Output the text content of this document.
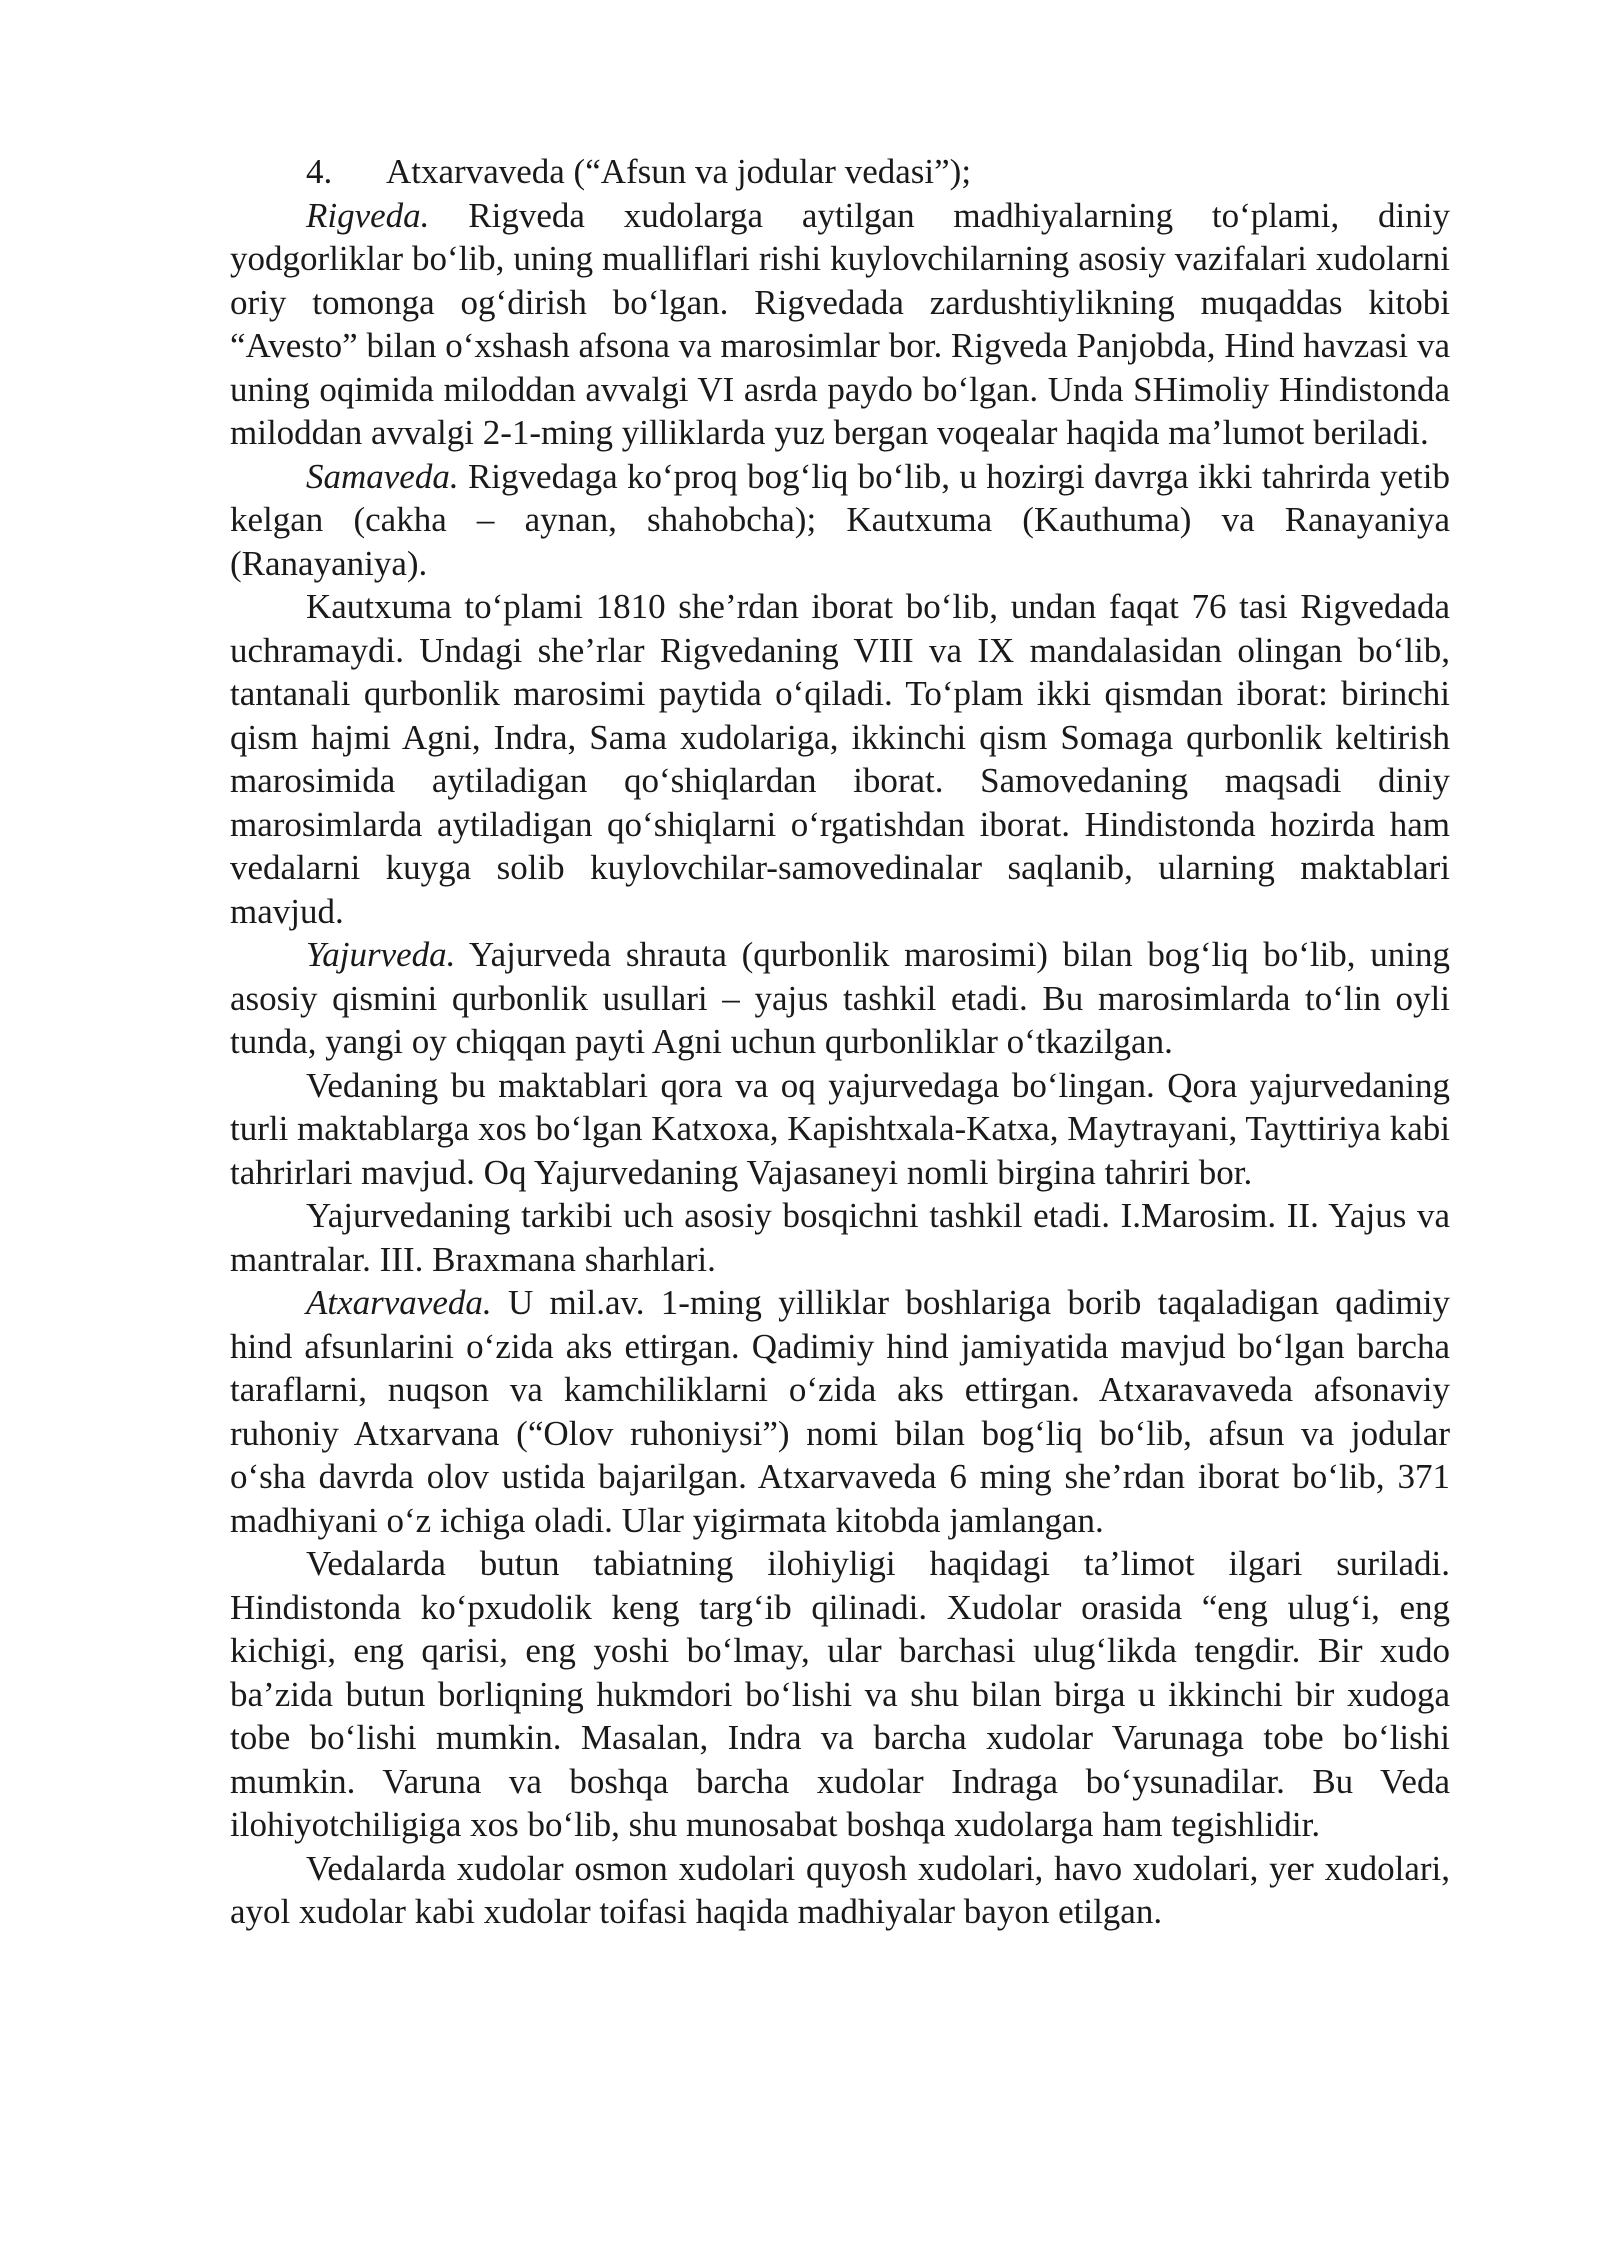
4. Atxarvaveda (“Afsun va jodular vedasi”);

Rigveda. Rigveda xudolarga aytilgan madhiyalarning to‘plami, diniy yodgorliklar bo‘lib, uning mualliflari rishi kuylovchilarning asosiy vazifalari xudolarni oriy tomonga og‘dirish bo‘lgan. Rigvedada zardushtiylikning muqaddas kitobi “Avesto” bilan o‘xshash afsona va marosimlar bor. Rigveda Panjobda, Hind havzasi va uning oqimida miloddan avvalgi VI asrda paydo bo‘lgan. Unda SHimoliy Hindistonda miloddan avvalgi 2-1-ming yilliklarda yuz bergan voqealar haqida ma’lumot beriladi.

Samaveda. Rigvedaga ko‘proq bog‘liq bo‘lib, u hozirgi davrga ikki tahrirda yetib kelgan (cakha – aynan, shahobcha); Kautxuma (Kauthuma) va Ranayaniya (Ranayaniya).

Kautxuma to‘plami 1810 she’rdan iborat bo‘lib, undan faqat 76 tasi Rigvedada uchramaydi. Undagi she’rlar Rigvedaning VIII va IX mandalasidan olingan bo‘lib, tantanali qurbonlik marosimi paytida o‘qiladi. To‘plam ikki qismdan iborat: birinchi qism hajmi Agni, Indra, Sama xudolariga, ikkinchi qism Somaga qurbonlik keltirish marosimida aytiladigan qo‘shiqlardan iborat. Samovedaning maqsadi diniy marosimlarda aytiladigan qo‘shiqlarni o‘rgatishdan iborat. Hindistonda hozirda ham vedalarni kuyga solib kuylovchilar-samovedinalar saqlanib, ularning maktablari mavjud.

Yajurveda. Yajurveda shrauta (qurbonlik marosimi) bilan bog‘liq bo‘lib, uning asosiy qismini qurbonlik usullari – yajus tashkil etadi. Bu marosimlarda to‘lin oyli tunda, yangi oy chiqqan payti Agni uchun qurbonliklar o‘tkazilgan.

Vedaning bu maktablari qora va oq yajurvedaga bo‘lingan. Qora yajurvedaning turli maktablarga xos bo‘lgan Katxoxa, Kapishtxala-Katxa, Maytrayani, Tayttiriya kabi tahrirlari mavjud. Oq Yajurvedaning Vajasaneyi nomli birgina tahriri bor.

Yajurvedaning tarkibi uch asosiy bosqichni tashkil etadi. I.Marosim. II. Yajus va mantralar. III. Braxmana sharhlari.

Atxarvaveda. U mil.av. 1-ming yilliklar boshlariga borib taqaladigan qadimiy hind afsunlarini o‘zida aks ettirgan. Qadimiy hind jamiyatida mavjud bo‘lgan barcha taraflarni, nuqson va kamchiliklarni o‘zida aks ettirgan. Atxaravaveda afsonaviy ruhoniy Atxarvana (“Olov ruhoniysi”) nomi bilan bog‘liq bo‘lib, afsun va jodular o‘sha davrda olov ustida bajarilgan. Atxarvaveda 6 ming she’rdan iborat bo‘lib, 371 madhiyani o‘z ichiga oladi. Ular yigirmata kitobda jamlangan.

Vedalarda butun tabiatning ilohiyligi haqidagi ta’limot ilgari suriladi. Hindistonda ko‘pxudolik keng targ‘ib qilinadi. Xudolar orasida “eng ulug‘i, eng kichigi, eng qarisi, eng yoshi bo‘lmay, ular barchasi ulug‘likda tengdir. Bir xudo ba’zida butun borliqning hukmdori bo‘lishi va shu bilan birga u ikkinchi bir xudoga tobe bo‘lishi mumkin. Masalan, Indra va barcha xudolar Varunaga tobe bo‘lishi mumkin. Varuna va boshqa barcha xudolar Indraga bo‘ysunadilar. Bu Veda ilohiyotchiligiga xos bo‘lib, shu munosabat boshqa xudolarga ham tegishlidir.

Vedalarda xudolar osmon xudolari quyosh xudolari, havo xudolari, yer xudolari, ayol xudolar kabi xudolar toifasi haqida madhiyalar bayon etilgan.
